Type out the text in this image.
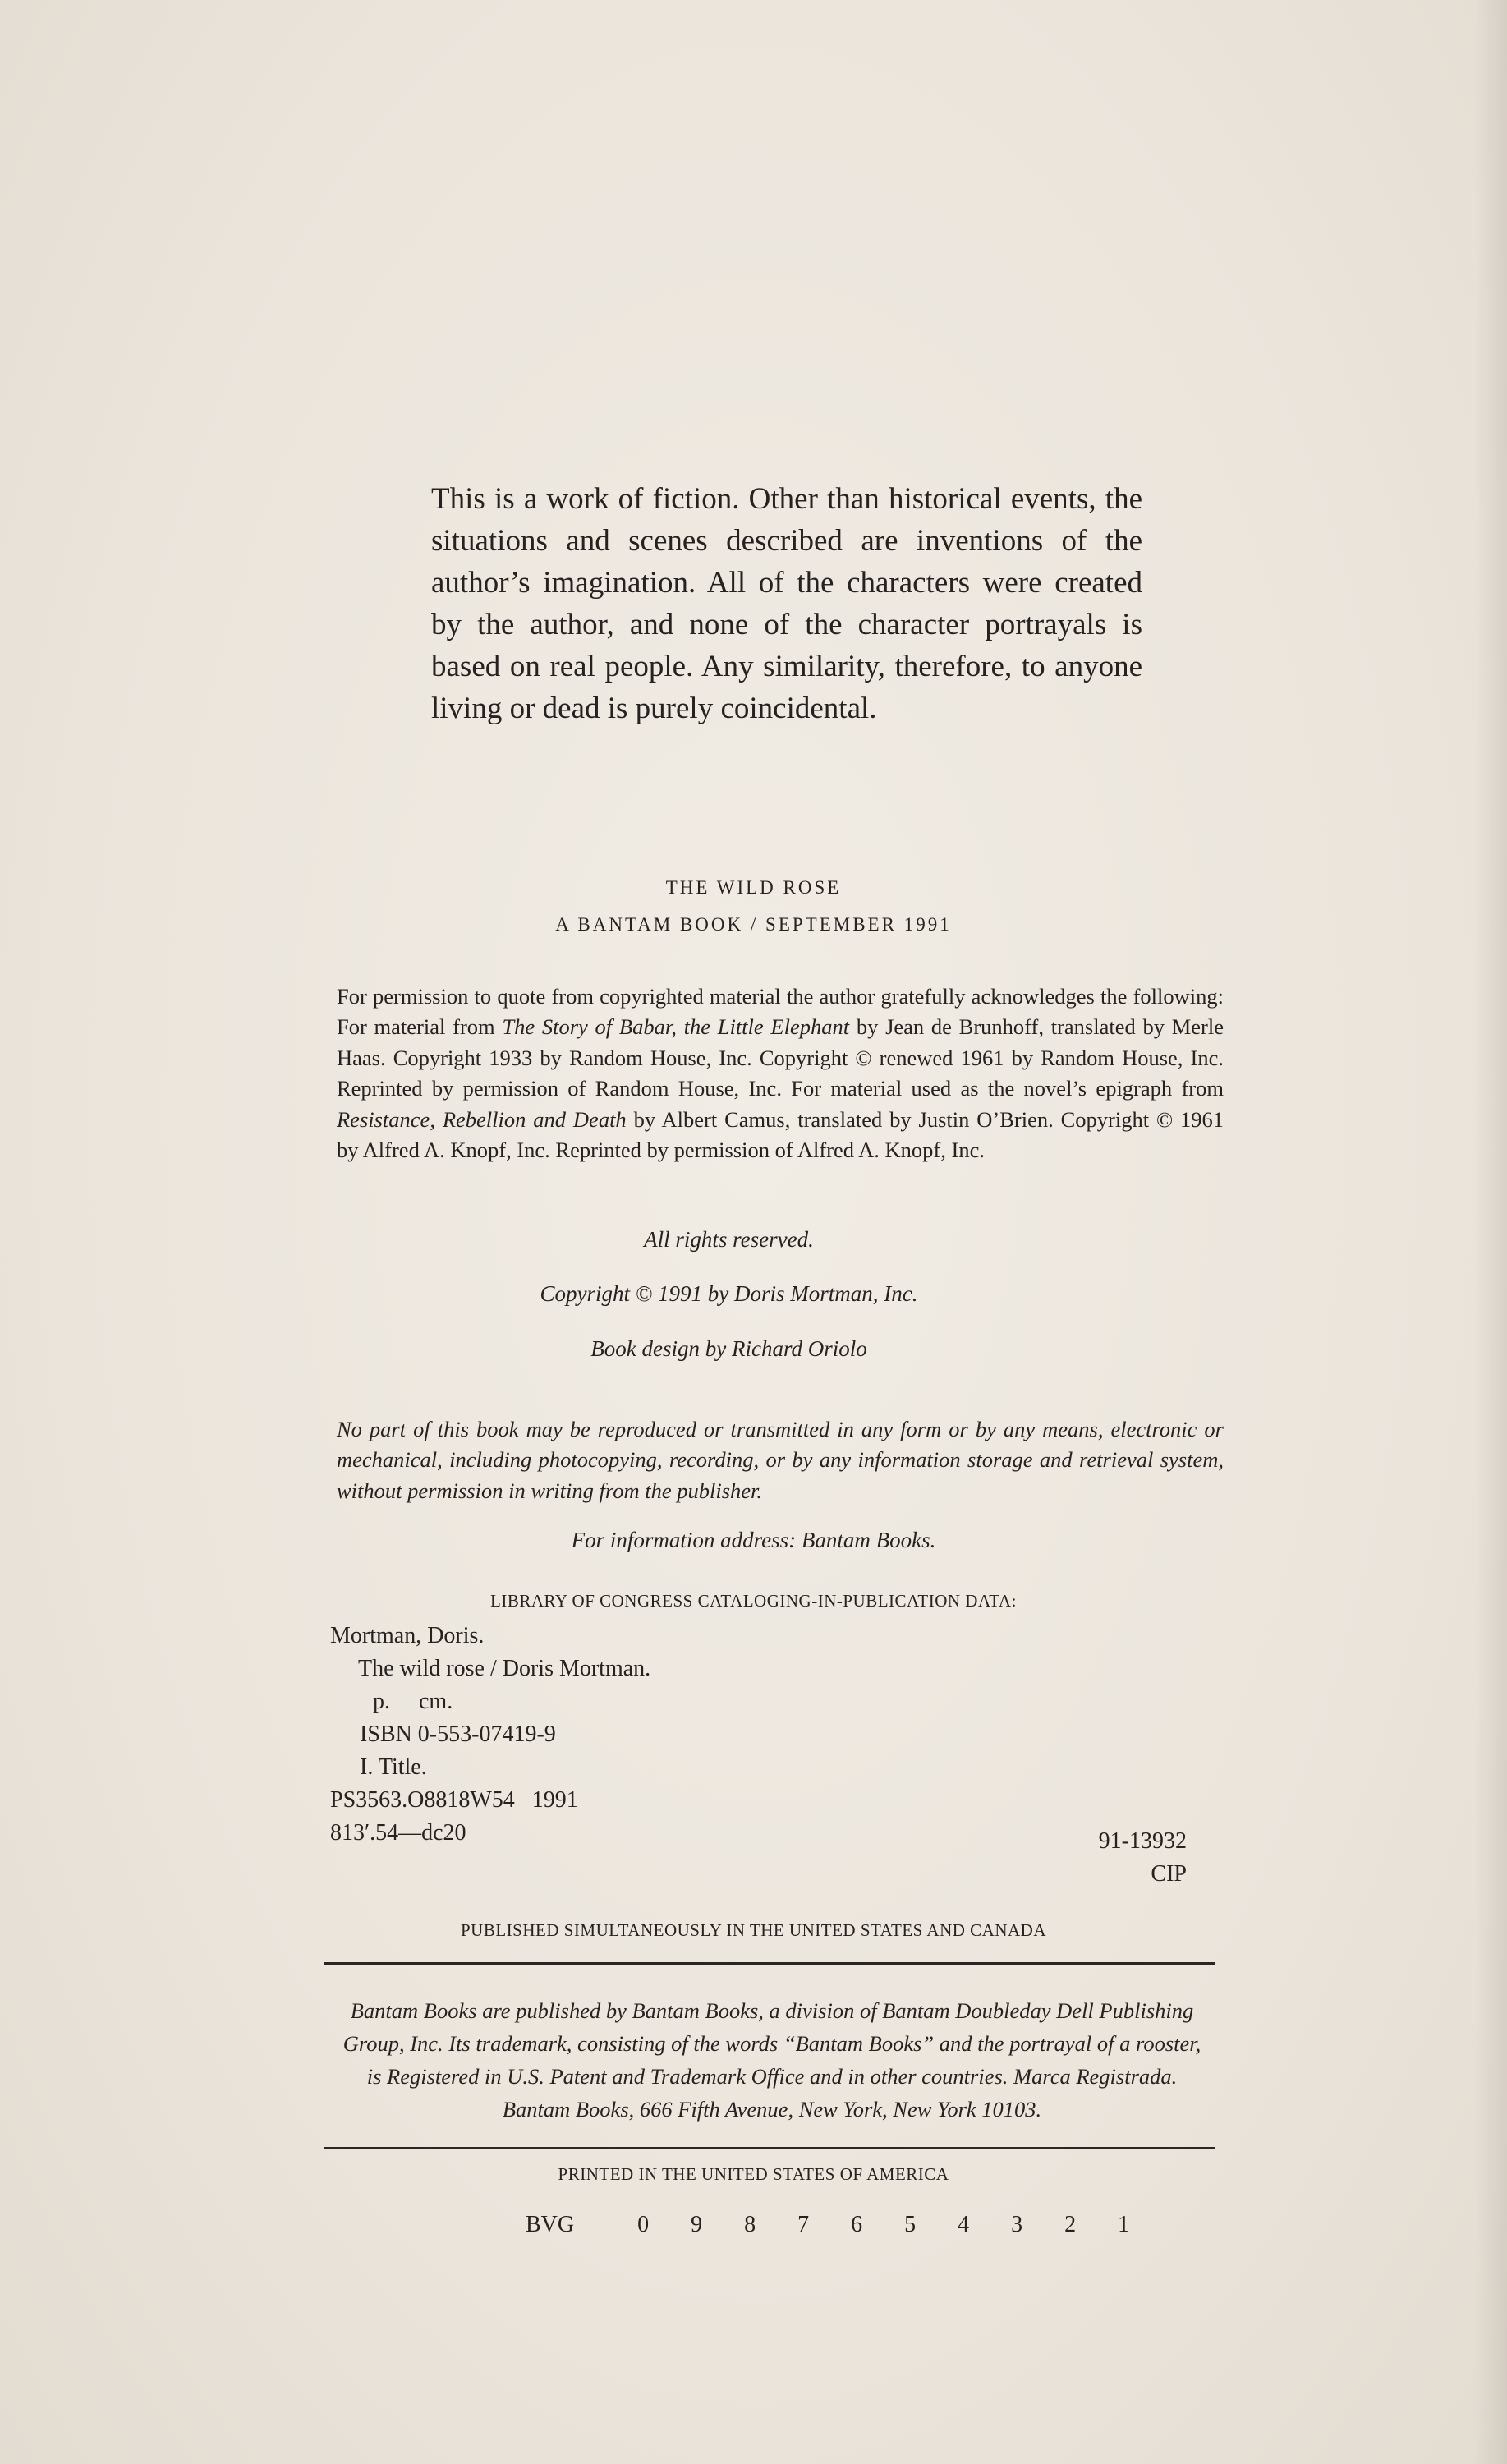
This is a work of fiction. Other than historical events, the situations and scenes described are inventions of the author’s imagination. All of the characters were created by the author, and none of the character portrayals is based on real people. Any similarity, therefore, to anyone living or dead is purely coincidental.

THE WILD ROSE
A BANTAM BOOK / SEPTEMBER 1991

For permission to quote from copyrighted material the author gratefully acknowledges the following: For material from The Story of Babar, the Little Elephant by Jean de Brunhoff, translated by Merle Haas. Copyright 1933 by Random House, Inc. Copyright © renewed 1961 by Random House, Inc. Reprinted by permission of Random House, Inc. For material used as the novel’s epigraph from Resistance, Rebellion and Death by Albert Camus, translated by Justin O’Brien. Copyright © 1961 by Alfred A. Knopf, Inc. Reprinted by permission of Alfred A. Knopf, Inc.

All rights reserved.
Copyright © 1991 by Doris Mortman, Inc.
Book design by Richard Oriolo

No part of this book may be reproduced or transmitted in any form or by any means, electronic or mechanical, including photocopying, recording, or by any information storage and retrieval system, without permission in writing from the publisher.

For information address: Bantam Books.
LIBRARY OF CONGRESS CATALOGING-IN-PUBLICATION DATA:
Mortman, Doris.
The wild rose / Doris Mortman.
p.     cm.
ISBN 0-553-07419-9
I. Title.
PS3563.O8818W54   1991
813′.54—dc20	91-13932
CIP
PUBLISHED SIMULTANEOUSLY IN THE UNITED STATES AND CANADA

Bantam Books are published by Bantam Books, a division of Bantam Doubleday Dell Publishing Group, Inc. Its trademark, consisting of the words “Bantam Books” and the portrayal of a rooster, is Registered in U.S. Patent and Trademark Office and in other countries. Marca Registrada. Bantam Books, 666 Fifth Avenue, New York, New York 10103.

PRINTED IN THE UNITED STATES OF AMERICA
BVG	0 9 8 7 6 5 4 3 2 1
